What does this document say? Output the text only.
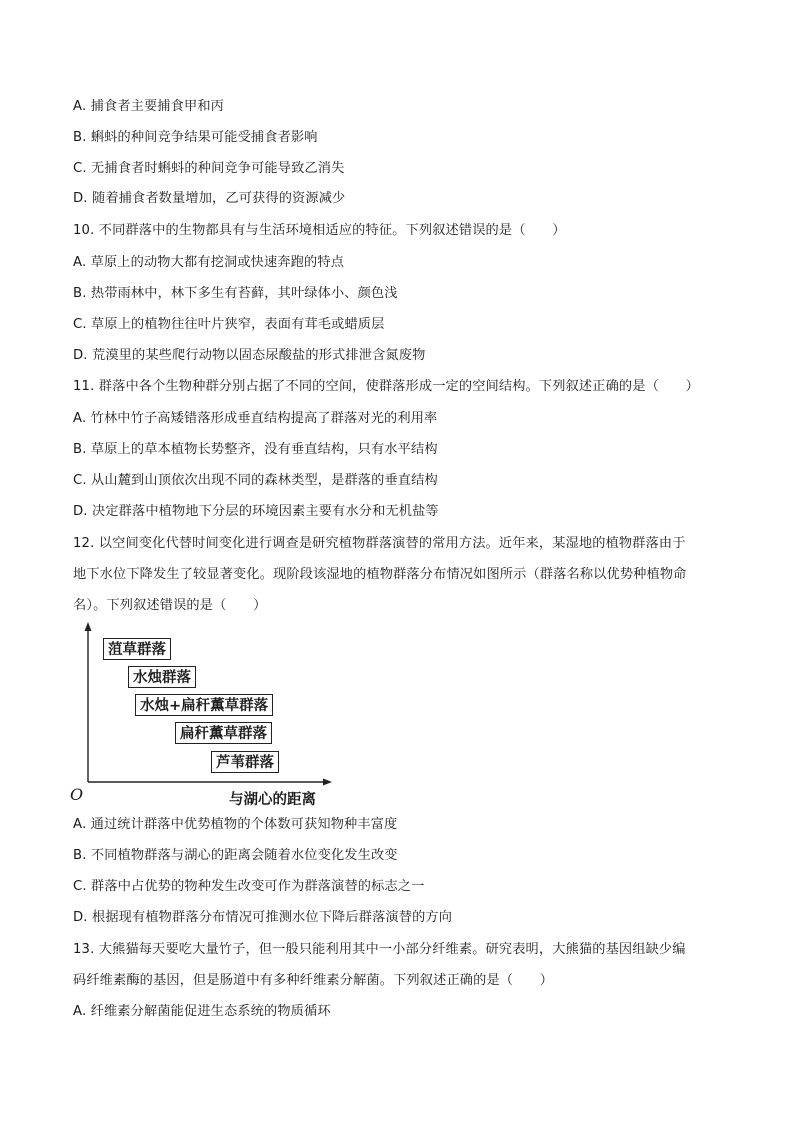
A. 捕食者主要捕食甲和丙
B. 蝌蚪的种间竞争结果可能受捕食者影响
C. 无捕食者时蝌蚪的种间竞争可能导致乙消失
D. 随着捕食者数量增加，乙可获得的资源减少
10. 不同群落中的生物都具有与生活环境相适应的特征。下列叙述错误的是（　　）
A. 草原上的动物大都有挖洞或快速奔跑的特点
B. 热带雨林中，林下多生有苔藓，其叶绿体小、颜色浅
C. 草原上的植物往往叶片狭窄，表面有茸毛或蜡质层
D. 荒漠里的某些爬行动物以固态尿酸盐的形式排泄含氮废物
11. 群落中各个生物种群分别占据了不同的空间，使群落形成一定的空间结构。下列叙述正确的是（　　）
A. 竹林中竹子高矮错落形成垂直结构提高了群落对光的利用率
B. 草原上的草本植物长势整齐，没有垂直结构，只有水平结构
C. 从山麓到山顶依次出现不同的森林类型，是群落的垂直结构
D. 决定群落中植物地下分层的环境因素主要有水分和无机盐等
12. 以空间变化代替时间变化进行调查是研究植物群落演替的常用方法。近年来，某湿地的植物群落由于
地下水位下降发生了较显著变化。现阶段该湿地的植物群落分布情况如图所示（群落名称以优势种植物命
名）。下列叙述错误的是（　　）
A. 通过统计群落中优势植物的个体数可获知物种丰富度
B. 不同植物群落与湖心的距离会随着水位变化发生改变
C. 群落中占优势的物种发生改变可作为群落演替的标志之一
D. 根据现有植物群落分布情况可推测水位下降后群落演替的方向
13. 大熊猫每天要吃大量竹子，但一般只能利用其中一小部分纤维素。研究表明，大熊猫的基因组缺少编
码纤维素酶的基因，但是肠道中有多种纤维素分解菌。下列叙述正确的是（　　）
A. 纤维素分解菌能促进生态系统的物质循环
菹草群落
水烛群落
水烛+扁秆薫草群落
扁秆薫草群落
芦苇群落
O	与湖心的距离
